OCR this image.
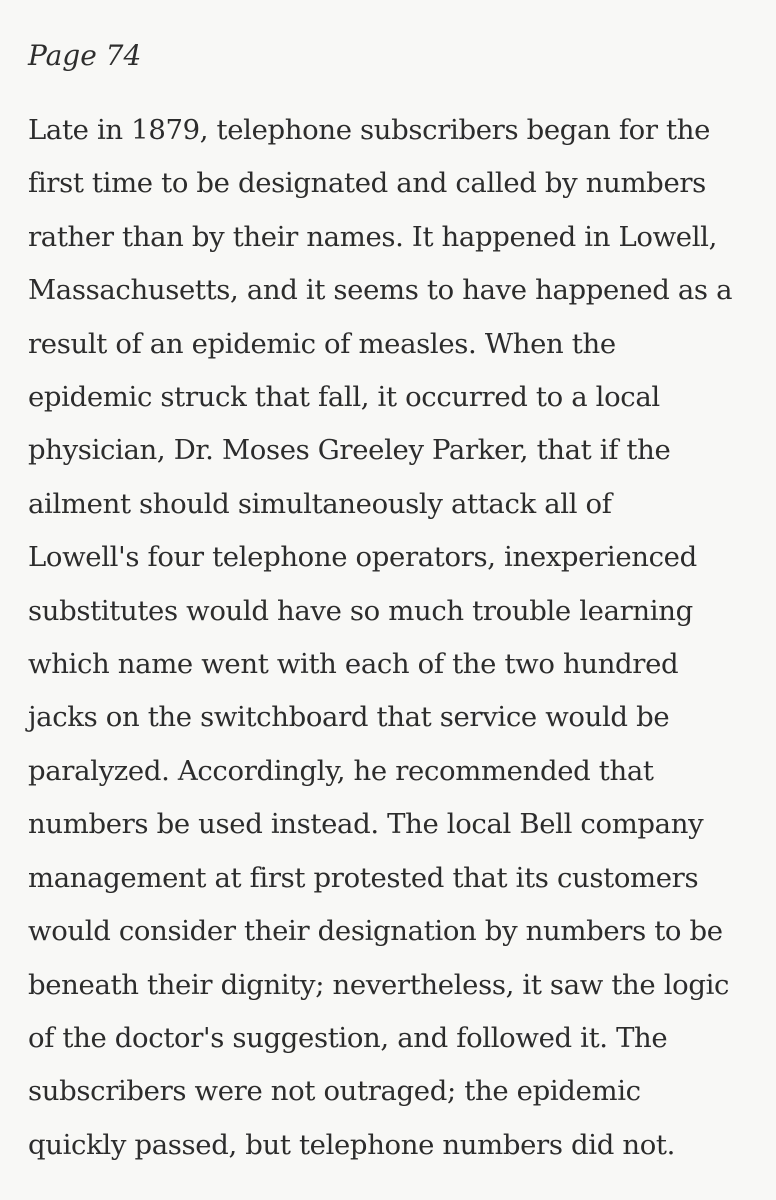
Page 74

Late in 1879, telephone subscribers began for the
first time to be designated and called by numbers
rather than by their names. It happened in Lowell,
Massachusetts, and it seems to have happened as a
result of an epidemic of measles. When the
epidemic struck that fall, it occurred to a local
physician, Dr. Moses Greeley Parker, that if the
ailment should simultaneously attack all of
Lowell's four telephone operators, inexperienced
substitutes would have so much trouble learning
which name went with each of the two hundred
jacks on the switchboard that service would be
paralyzed. Accordingly, he recommended that
numbers be used instead. The local Bell company
management at first protested that its customers
would consider their designation by numbers to be
beneath their dignity; nevertheless, it saw the logic
of the doctor's suggestion, and followed it. The
subscribers were not outraged; the epidemic
quickly passed, but telephone numbers did not.
